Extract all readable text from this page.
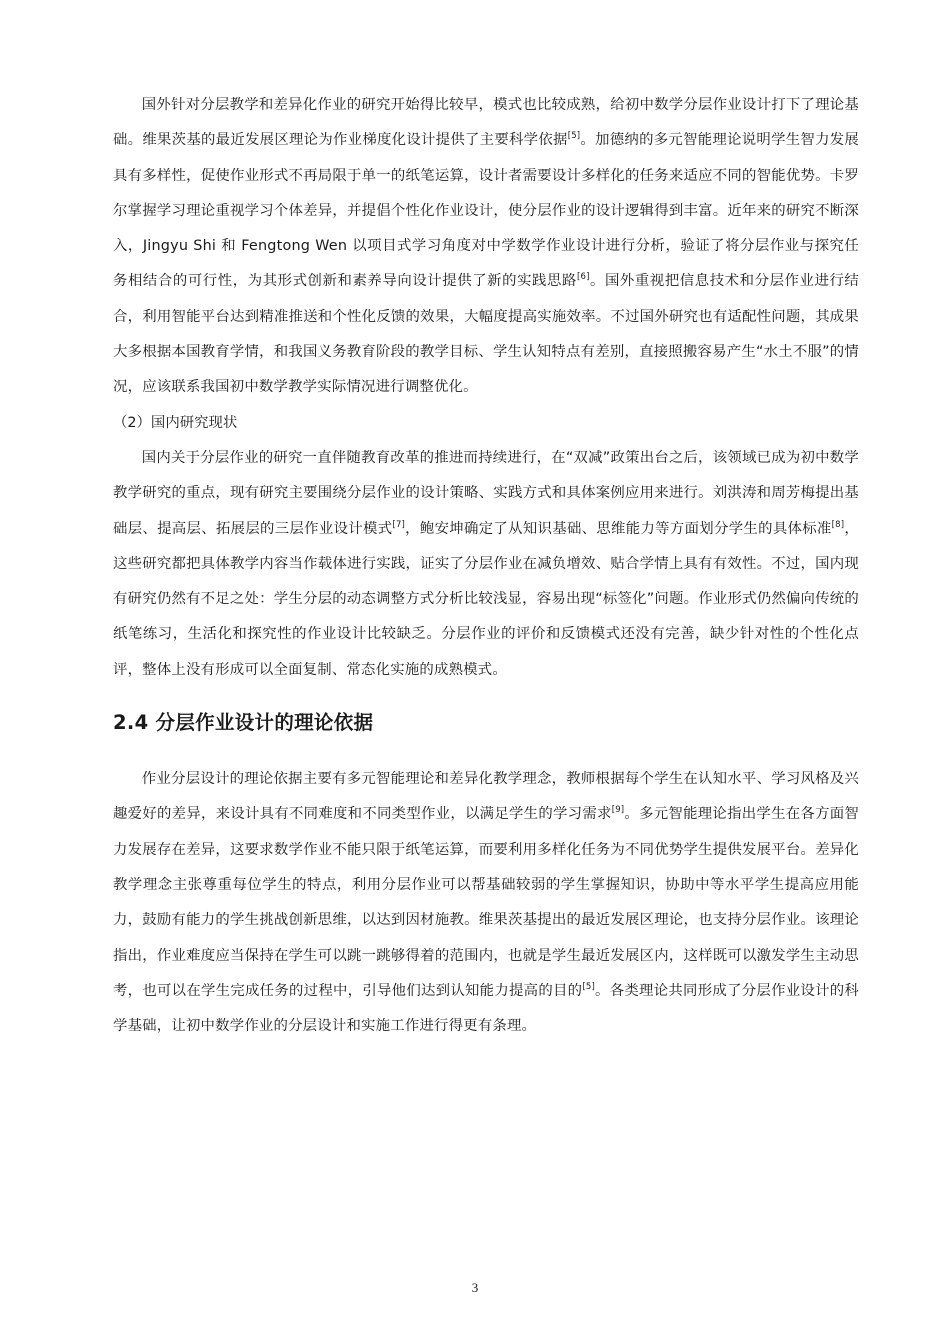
国外针对分层教学和差异化作业的研究开始得比较早，模式也比较成熟，给初中数学分层作业设计打下了理论基础。维果茨基的最近发展区理论为作业梯度化设计提供了主要科学依据[5]。加德纳的多元智能理论说明学生智力发展具有多样性，促使作业形式不再局限于单一的纸笔运算，设计者需要设计多样化的任务来适应不同的智能优势。卡罗尔掌握学习理论重视学习个体差异，并提倡个性化作业设计，使分层作业的设计逻辑得到丰富。近年来的研究不断深入，Jingyu Shi 和 Fengtong Wen 以项目式学习角度对中学数学作业设计进行分析，验证了将分层作业与探究任务相结合的可行性，为其形式创新和素养导向设计提供了新的实践思路[6]。国外重视把信息技术和分层作业进行结合，利用智能平台达到精准推送和个性化反馈的效果，大幅度提高实施效率。不过国外研究也有适配性问题，其成果大多根据本国教育学情，和我国义务教育阶段的教学目标、学生认知特点有差别，直接照搬容易产生“水土不服”的情况，应该联系我国初中数学教学实际情况进行调整优化。

（2）国内研究现状

国内关于分层作业的研究一直伴随教育改革的推进而持续进行，在“双减”政策出台之后，该领域已成为初中数学教学研究的重点，现有研究主要围绕分层作业的设计策略、实践方式和具体案例应用来进行。刘洪涛和周芳梅提出基础层、提高层、拓展层的三层作业设计模式[7]，鲍安坤确定了从知识基础、思维能力等方面划分学生的具体标准[8]，这些研究都把具体教学内容当作载体进行实践，证实了分层作业在减负增效、贴合学情上具有有效性。不过，国内现有研究仍然有不足之处：学生分层的动态调整方式分析比较浅显，容易出现“标签化”问题。作业形式仍然偏向传统的纸笔练习，生活化和探究性的作业设计比较缺乏。分层作业的评价和反馈模式还没有完善，缺少针对性的个性化点评，整体上没有形成可以全面复制、常态化实施的成熟模式。

2.4 分层作业设计的理论依据

作业分层设计的理论依据主要有多元智能理论和差异化教学理念，教师根据每个学生在认知水平、学习风格及兴趣爱好的差异，来设计具有不同难度和不同类型作业，以满足学生的学习需求[9]。多元智能理论指出学生在各方面智力发展存在差异，这要求数学作业不能只限于纸笔运算，而要利用多样化任务为不同优势学生提供发展平台。差异化教学理念主张尊重每位学生的特点，利用分层作业可以帮基础较弱的学生掌握知识，协助中等水平学生提高应用能力，鼓励有能力的学生挑战创新思维，以达到因材施教。维果茨基提出的最近发展区理论，也支持分层作业。该理论指出，作业难度应当保持在学生可以跳一跳够得着的范围内，也就是学生最近发展区内，这样既可以激发学生主动思考，也可以在学生完成任务的过程中，引导他们达到认知能力提高的目的[5]。各类理论共同形成了分层作业设计的科学基础，让初中数学作业的分层设计和实施工作进行得更有条理。

3
